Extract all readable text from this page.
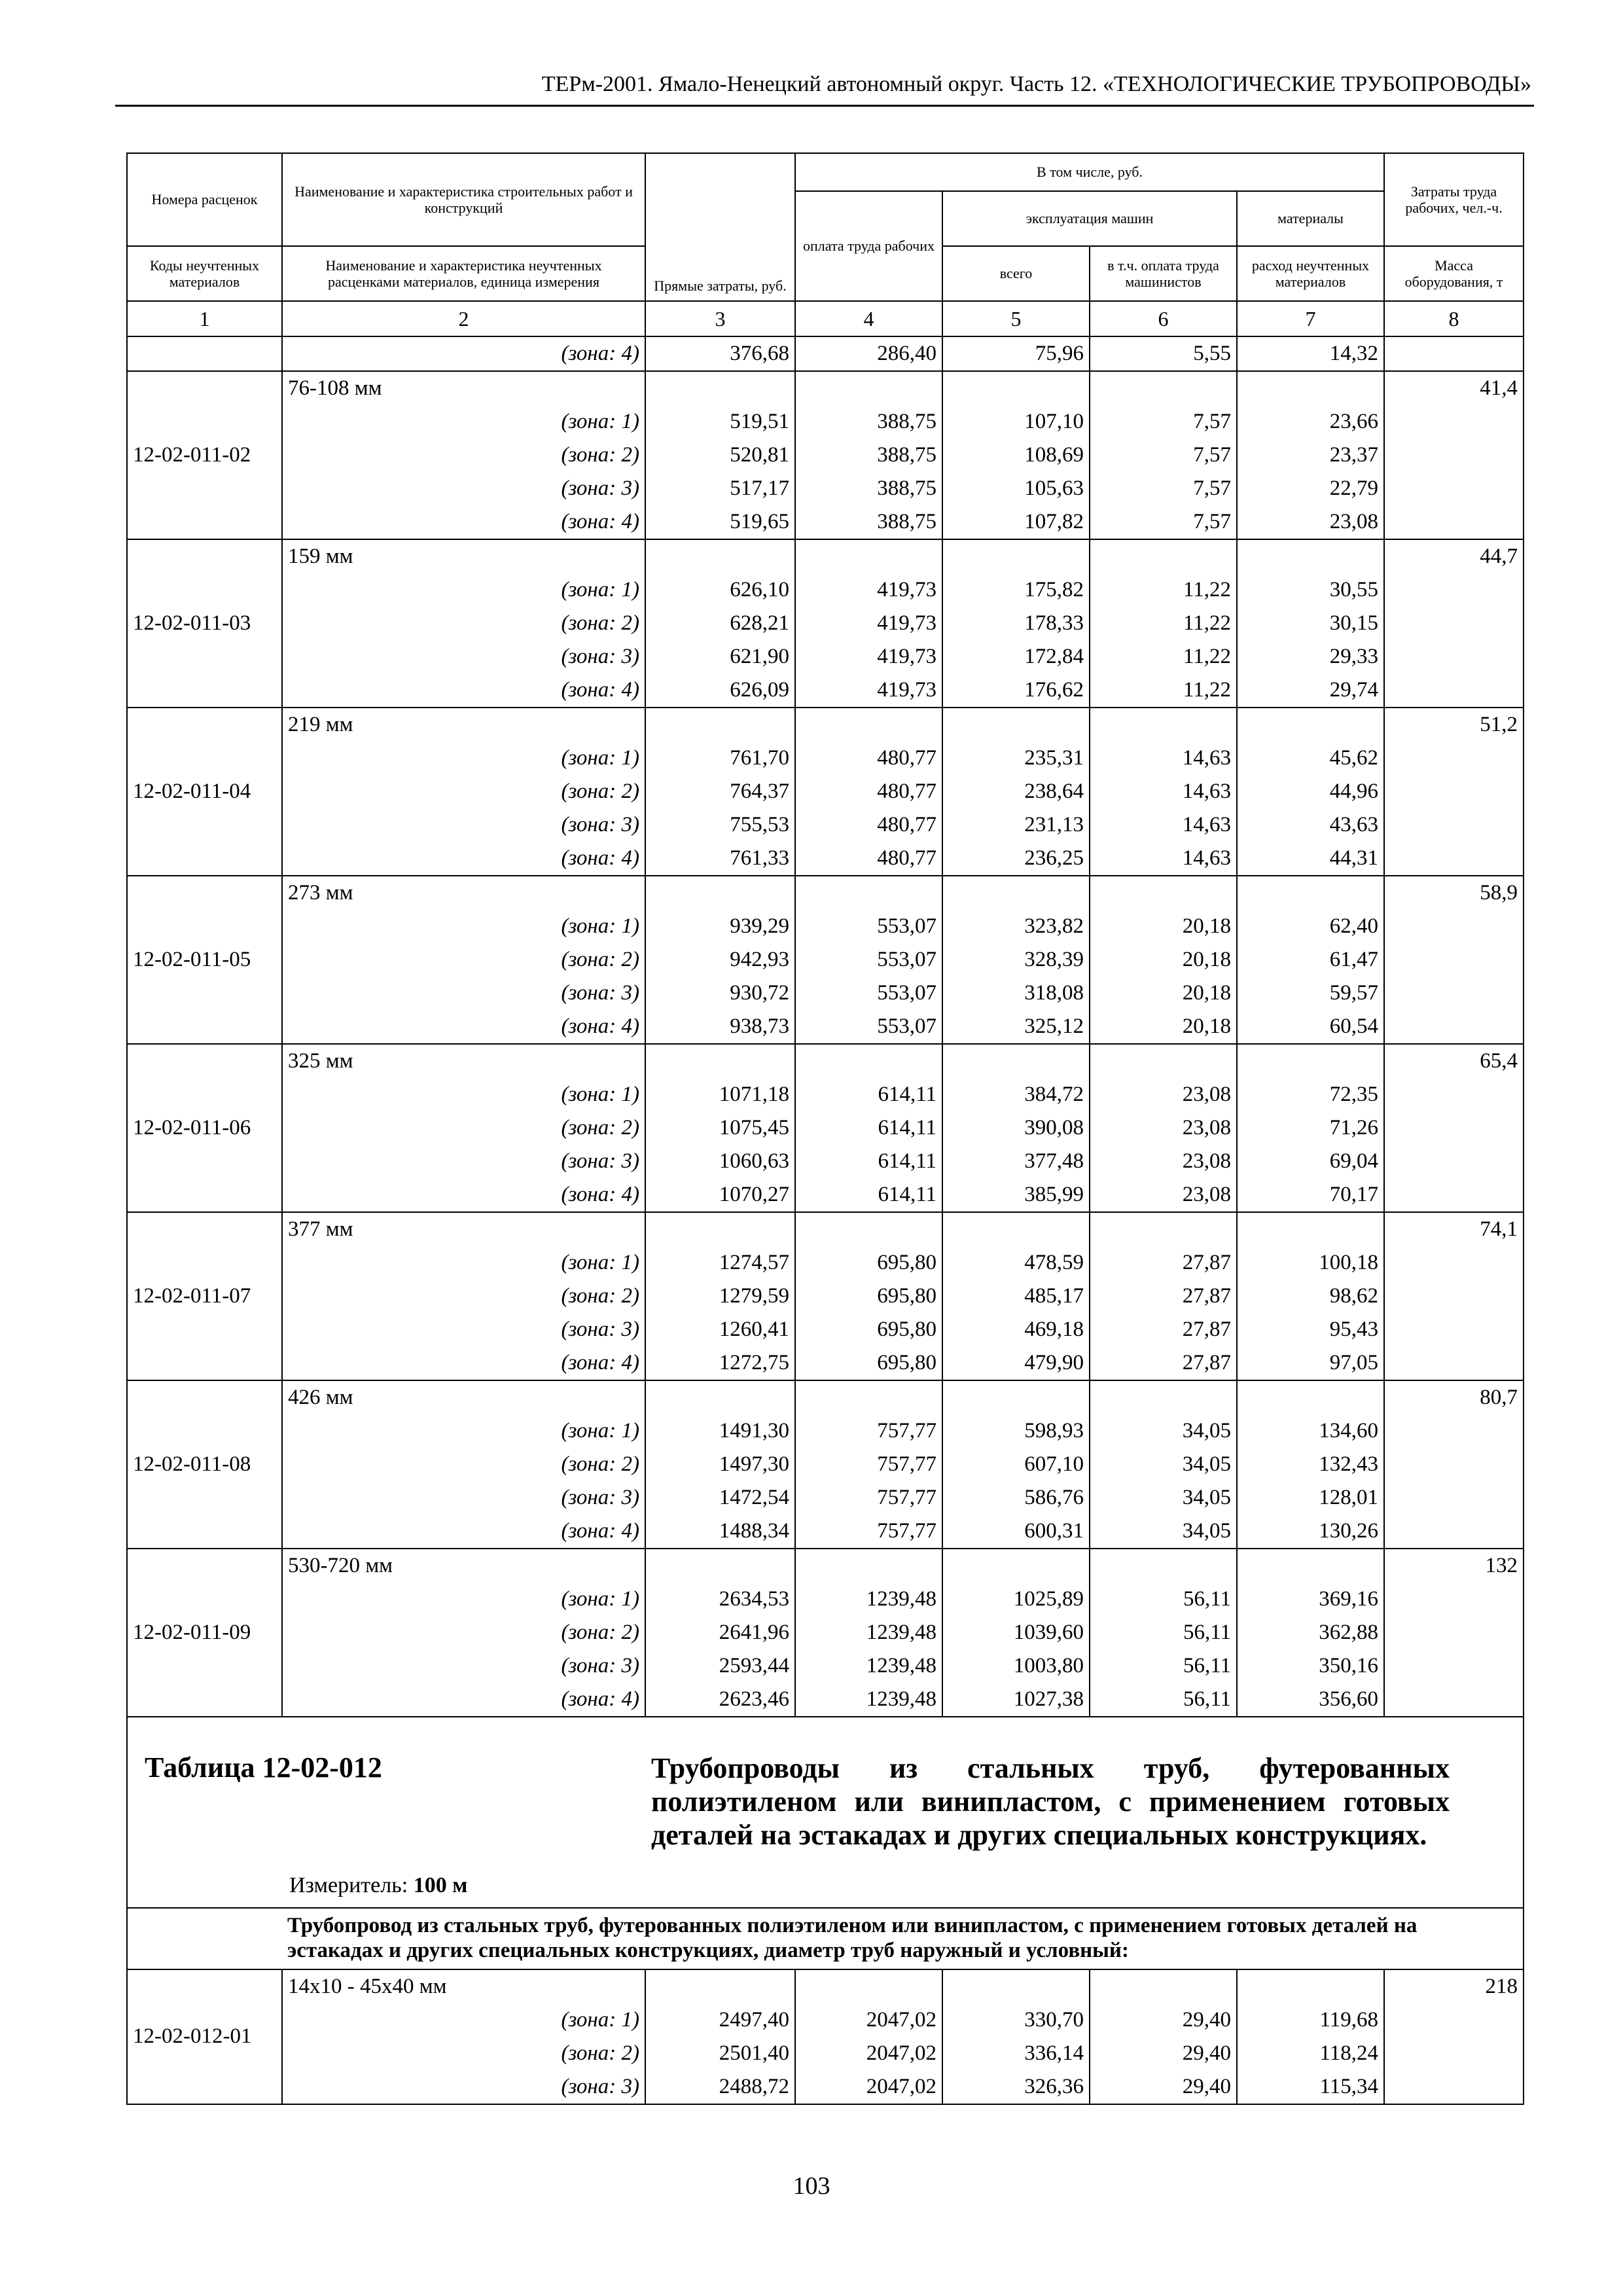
ТЕРм-2001. Ямало-Ненецкий автономный округ. Часть 12. «ТЕХНОЛОГИЧЕСКИЕ ТРУБОПРОВОДЫ»
Номера расценок	Наименование и характеристика строительных работ и конструкций	Прямые затраты, руб.	В том числе, руб.				Затраты труда рабочих, чел.-ч.
			оплата труда рабочих	эксплуатация машин		материалы	
Коды неучтенных материалов	Наименование и характеристика неучтенных расценками материалов, единица измерения			всего	в т.ч. оплата труда машинистов	расход неучтенных материалов	Масса оборудования, т
1	2	3	4	5	6	7	8
	(зона: 4)	376,68	286,40	75,96	5,55	14,32	
12-02-011-02	76-108 мм						41,4
	(зона: 1)	519,51	388,75	107,10	7,57	23,66	
	(зона: 2)	520,81	388,75	108,69	7,57	23,37	
	(зона: 3)	517,17	388,75	105,63	7,57	22,79	
	(зона: 4)	519,65	388,75	107,82	7,57	23,08	
12-02-011-03	159 мм						44,7
	(зона: 1)	626,10	419,73	175,82	11,22	30,55	
	(зона: 2)	628,21	419,73	178,33	11,22	30,15	
	(зона: 3)	621,90	419,73	172,84	11,22	29,33	
	(зона: 4)	626,09	419,73	176,62	11,22	29,74	
12-02-011-04	219 мм						51,2
	(зона: 1)	761,70	480,77	235,31	14,63	45,62	
	(зона: 2)	764,37	480,77	238,64	14,63	44,96	
	(зона: 3)	755,53	480,77	231,13	14,63	43,63	
	(зона: 4)	761,33	480,77	236,25	14,63	44,31	
12-02-011-05	273 мм						58,9
	(зона: 1)	939,29	553,07	323,82	20,18	62,40	
	(зона: 2)	942,93	553,07	328,39	20,18	61,47	
	(зона: 3)	930,72	553,07	318,08	20,18	59,57	
	(зона: 4)	938,73	553,07	325,12	20,18	60,54	
12-02-011-06	325 мм						65,4
	(зона: 1)	1071,18	614,11	384,72	23,08	72,35	
	(зона: 2)	1075,45	614,11	390,08	23,08	71,26	
	(зона: 3)	1060,63	614,11	377,48	23,08	69,04	
	(зона: 4)	1070,27	614,11	385,99	23,08	70,17	
12-02-011-07	377 мм						74,1
	(зона: 1)	1274,57	695,80	478,59	27,87	100,18	
	(зона: 2)	1279,59	695,80	485,17	27,87	98,62	
	(зона: 3)	1260,41	695,80	469,18	27,87	95,43	
	(зона: 4)	1272,75	695,80	479,90	27,87	97,05	
12-02-011-08	426 мм						80,7
	(зона: 1)	1491,30	757,77	598,93	34,05	134,60	
	(зона: 2)	1497,30	757,77	607,10	34,05	132,43	
	(зона: 3)	1472,54	757,77	586,76	34,05	128,01	
	(зона: 4)	1488,34	757,77	600,31	34,05	130,26	
12-02-011-09	530-720 мм						132
	(зона: 1)	2634,53	1239,48	1025,89	56,11	369,16	
	(зона: 2)	2641,96	1239,48	1039,60	56,11	362,88	
	(зона: 3)	2593,44	1239,48	1003,80	56,11	350,16	
	(зона: 4)	2623,46	1239,48	1027,38	56,11	356,60	

Таблица 12-02-012 Трубопроводы из стальных труб, футерованных полиэтиленом или винипластом, с применением готовых деталей на эстакадах и других специальных конструкциях.
Измеритель: 100 м							

	Трубопровод из стальных труб, футерованных полиэтиленом или винипластом, с применением готовых деталей на эстакадах и других специальных конструкциях, диаметр труб наружный и условный:						
12-02-012-01	14х10 - 45х40 мм						218
	(зона: 1)	2497,40	2047,02	330,70	29,40	119,68	
	(зона: 2)	2501,40	2047,02	336,14	29,40	118,24	
	(зона: 3)	2488,72	2047,02	326,36	29,40	115,34	
103
